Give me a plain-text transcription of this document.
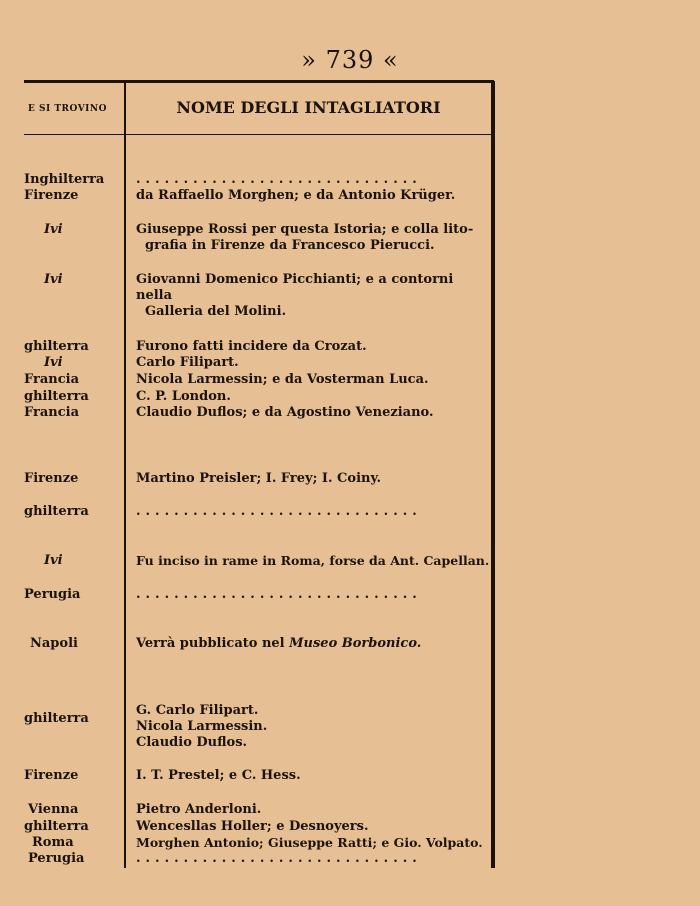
» 739 «
E SI TROVINO	NOME DEGLI INTAGLIATORI
Inghilterra
Firenze
Ivi
Ivi
ghilterra
Ivi
Francia
ghilterra
Francia
Firenze
ghilterra
Ivi
Perugia
Napoli
ghilterra
Firenze
Vienna
ghilterra
Roma
Perugia
..............................
da Raffaello Morghen; e da Antonio Krüger.
Giuseppe Rossi per questa Istoria; e colla lito-
grafia in Firenze da Francesco Pierucci.
Giovanni Domenico Picchianti; e a contorni nella
Galleria del Molini.
Furono fatti incidere da Crozat.
Carlo Filipart.
Nicola Larmessin; e da Vosterman Luca.
C. P. London.
Claudio Duflos; e da Agostino Veneziano.
Martino Preisler; I. Frey; I. Coiny.
..............................
Fu inciso in rame in Roma, forse da Ant. Capellan.
..............................
Verrà pubblicato nel Museo Borbonico.
G. Carlo Filipart.
Nicola Larmessin.
Claudio Duflos.
I. T. Prestel; e C. Hess.
Pietro Anderloni.
Wencesllas Holler; e Desnoyers.
Morghen Antonio; Giuseppe Ratti; e Gio. Volpato.
..............................
